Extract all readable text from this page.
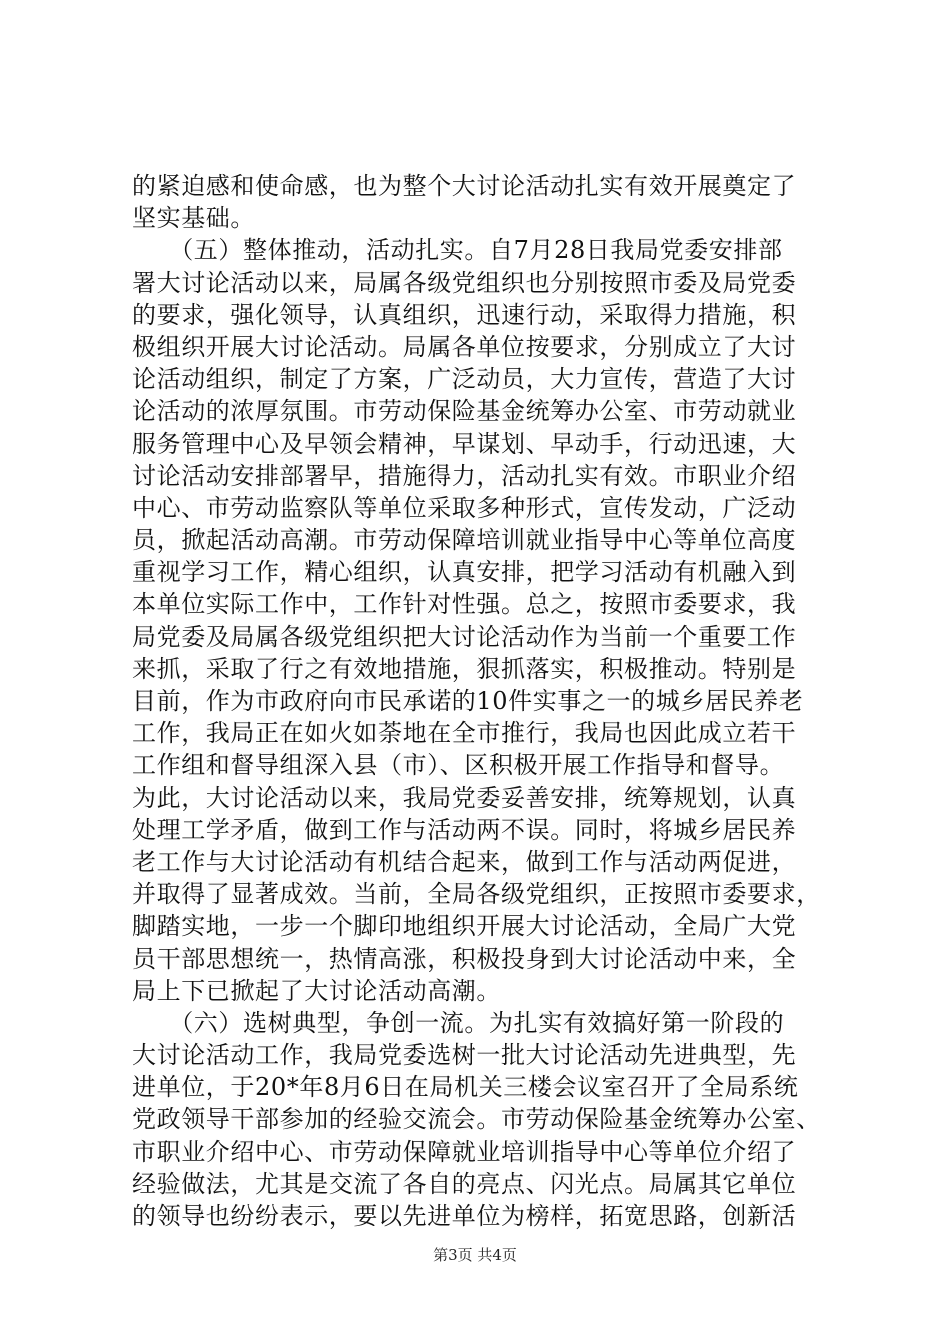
的紧迫感和使命感，也为整个大讨论活动扎实有效开展奠定了
坚实基础。
　　（五）整体推动，活动扎实。自7月28日我局党委安排部
署大讨论活动以来，局属各级党组织也分别按照市委及局党委
的要求，强化领导，认真组织，迅速行动，采取得力措施，积
极组织开展大讨论活动。局属各单位按要求，分别成立了大讨
论活动组织，制定了方案，广泛动员，大力宣传，营造了大讨
论活动的浓厚氛围。市劳动保险基金统筹办公室、市劳动就业
服务管理中心及早领会精神，早谋划、早动手，行动迅速，大
讨论活动安排部署早，措施得力，活动扎实有效。市职业介绍
中心、市劳动监察队等单位采取多种形式，宣传发动，广泛动
员，掀起活动高潮。市劳动保障培训就业指导中心等单位高度
重视学习工作，精心组织，认真安排，把学习活动有机融入到
本单位实际工作中，工作针对性强。总之，按照市委要求，我
局党委及局属各级党组织把大讨论活动作为当前一个重要工作
来抓，采取了行之有效地措施，狠抓落实，积极推动。特别是
目前，作为市政府向市民承诺的10件实事之一的城乡居民养老
工作，我局正在如火如荼地在全市推行，我局也因此成立若干
工作组和督导组深入县（市）、区积极开展工作指导和督导。
为此，大讨论活动以来，我局党委妥善安排，统筹规划，认真
处理工学矛盾，做到工作与活动两不误。同时，将城乡居民养
老工作与大讨论活动有机结合起来，做到工作与活动两促进，
并取得了显著成效。当前，全局各级党组织，正按照市委要求，
脚踏实地，一步一个脚印地组织开展大讨论活动，全局广大党
员干部思想统一，热情高涨，积极投身到大讨论活动中来，全
局上下已掀起了大讨论活动高潮。
　　（六）选树典型，争创一流。为扎实有效搞好第一阶段的
大讨论活动工作，我局党委选树一批大讨论活动先进典型，先
进单位，于20*年8月6日在局机关三楼会议室召开了全局系统
党政领导干部参加的经验交流会。市劳动保险基金统筹办公室、
市职业介绍中心、市劳动保障就业培训指导中心等单位介绍了
经验做法，尤其是交流了各自的亮点、闪光点。局属其它单位
的领导也纷纷表示，要以先进单位为榜样，拓宽思路，创新活
第3页 共4页
